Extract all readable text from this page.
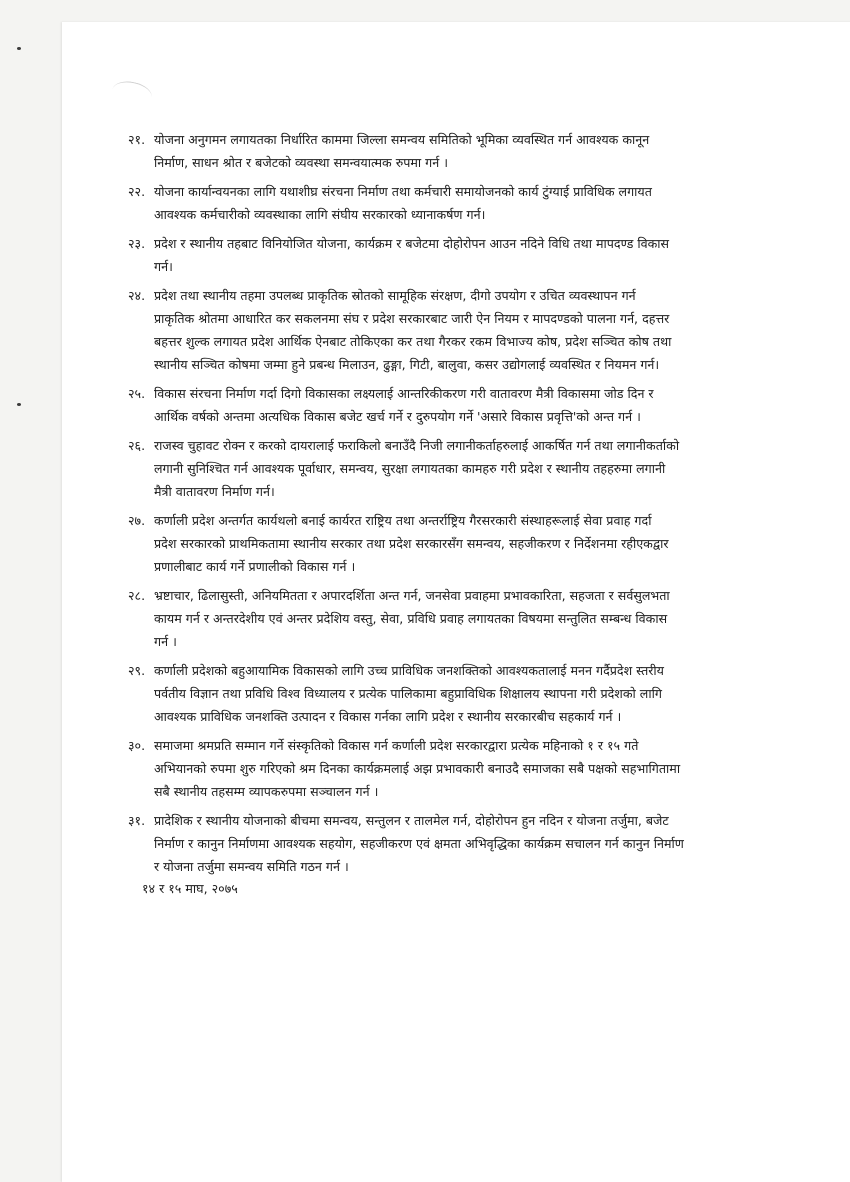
२१. योजना अनुगमन लगायतका निर्धारित काममा जिल्ला समन्वय समितिको भूमिका व्यवस्थित गर्न आवश्यक कानून
निर्माण, साधन श्रोत र बजेटको व्यवस्था समन्वयात्मक रुपमा गर्न ।
२२. योजना कार्यान्वयनका लागि यथाशीघ्र संरचना निर्माण तथा कर्मचारी समायोजनको कार्य टुंग्याई प्राविधिक लगायत
आवश्यक कर्मचारीको व्यवस्थाका लागि संघीय सरकारको ध्यानाकर्षण गर्न।
२३. प्रदेश र स्थानीय तहबाट विनियोजित योजना, कार्यक्रम र बजेटमा दोहोरोपन आउन नदिने विधि तथा मापदण्ड विकास
गर्न।
२४. प्रदेश तथा स्थानीय तहमा उपलब्ध प्राकृतिक स्रोतको सामूहिक संरक्षण, दीगो उपयोग र उचित व्यवस्थापन गर्न
प्राकृतिक श्रोतमा आधारित कर सकलनमा संघ र प्रदेश सरकारबाट जारी ऐन नियम र मापदण्डको पालना गर्न, दहत्तर
बहत्तर शुल्क लगायत प्रदेश आर्थिक ऐनबाट तोकिएका कर तथा गैरकर रकम विभाज्य कोष, प्रदेश सञ्चित कोष तथा
स्थानीय सञ्चित कोषमा जम्मा हुने प्रबन्ध मिलाउन, ढुङ्गा, गिटी, बालुवा, कसर उद्योगलाई व्यवस्थित र नियमन गर्न।
२५. विकास संरचना निर्माण गर्दा दिगो विकासका लक्ष्यलाई आन्तरिकीकरण गरी वातावरण मैत्री विकासमा जोड दिन र
आर्थिक वर्षको अन्तमा अत्यधिक विकास बजेट खर्च गर्ने र दुरुपयोग गर्ने 'असारे विकास प्रवृत्ति'को अन्त गर्न ।
२६. राजस्व चुहावट रोक्न र करको दायरालाई फराकिलो बनाउँदै निजी लगानीकर्ताहरुलाई आकर्षित गर्न तथा लगानीकर्ताको
लगानी सुनिश्चित गर्न आवश्यक पूर्वाधार, समन्वय, सुरक्षा लगायतका कामहरु गरी प्रदेश र स्थानीय तहहरुमा लगानी
मैत्री वातावरण निर्माण गर्न।
२७. कर्णाली प्रदेश अन्तर्गत कार्यथलो बनाई कार्यरत राष्ट्रिय तथा अन्तर्राष्ट्रिय गैरसरकारी संस्थाहरूलाई सेवा प्रवाह गर्दा
प्रदेश सरकारको प्राथमिकतामा स्थानीय सरकार तथा प्रदेश सरकारसँग समन्वय, सहजीकरण र निर्देशनमा रहीएकद्वार
प्रणालीबाट कार्य गर्ने प्रणालीको विकास गर्न ।
२८. भ्रष्टाचार, ढिलासुस्ती, अनियमितता र अपारदर्शिता अन्त गर्न, जनसेवा प्रवाहमा प्रभावकारिता, सहजता र सर्वसुलभता
कायम गर्न र अन्तरदेशीय एवं अन्तर प्रदेशिय वस्तु, सेवा, प्रविधि प्रवाह लगायतका विषयमा सन्तुलित सम्बन्ध विकास
गर्न ।
२९. कर्णाली प्रदेशको बहुआयामिक विकासको लागि उच्च प्राविधिक जनशक्तिको आवश्यकतालाई मनन गर्दैप्रदेश स्तरीय
पर्वतीय विज्ञान तथा प्रविधि विश्व विध्यालय र प्रत्येक पालिकामा बहुप्राविधिक शिक्षालय स्थापना गरी प्रदेशको लागि
आवश्यक प्राविधिक जनशक्ति उत्पादन र विकास गर्नका लागि प्रदेश र स्थानीय सरकारबीच सहकार्य गर्न ।
३०. समाजमा श्रमप्रति सम्मान गर्ने संस्कृतिको विकास गर्न कर्णाली प्रदेश सरकारद्वारा प्रत्येक महिनाको १ र १५ गते
अभियानको रुपमा शुरु गरिएको श्रम दिनका कार्यक्रमलाई अझ प्रभावकारी बनाउदै समाजका सबै पक्षको सहभागितामा
सबै स्थानीय तहसम्म व्यापकरुपमा सञ्चालन गर्न ।
३१. प्रादेशिक र स्थानीय योजनाको बीचमा समन्वय, सन्तुलन र तालमेल गर्न, दोहोरोपन हुन नदिन र योजना तर्जुमा, बजेट
निर्माण र कानुन निर्माणमा आवश्यक सहयोग, सहजीकरण एवं क्षमता अभिवृद्धिका कार्यक्रम सचालन गर्न कानुन निर्माण
र योजना तर्जुमा समन्वय समिति गठन गर्न ।
१४ र १५ माघ, २०७५
